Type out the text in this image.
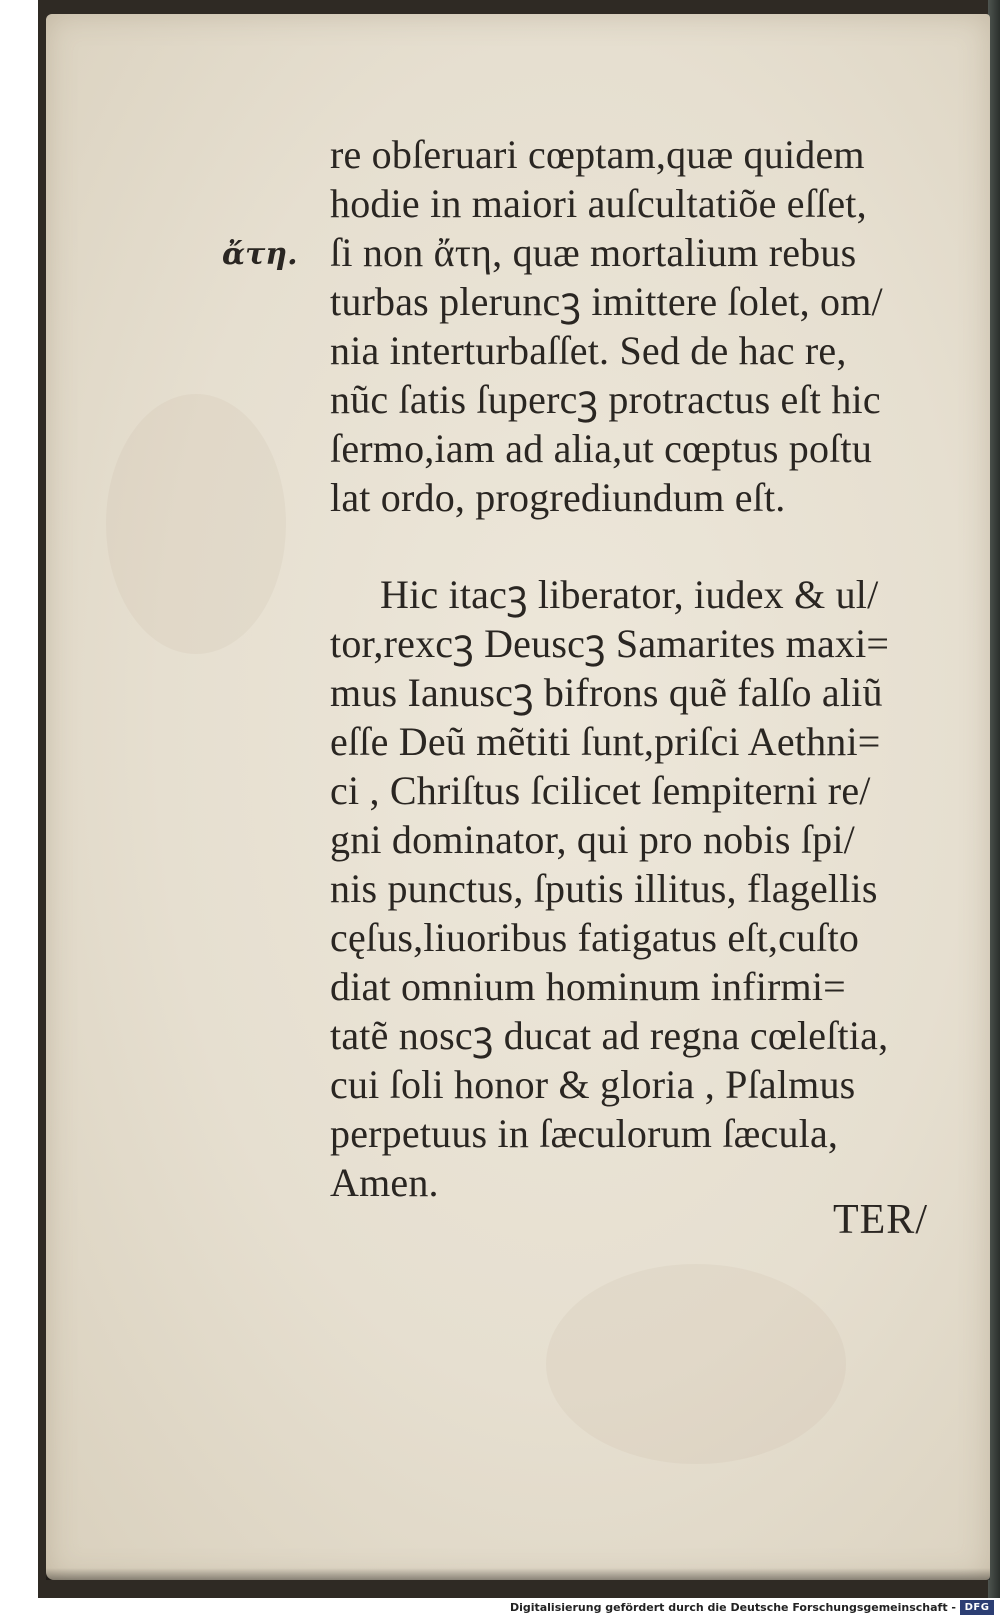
ἄτη.
re obſeruari cœptam,quæ quidem
hodie in maiori auſcultatiõe eſſet,
ſi non ἄτη, quæ mortalium rebus
turbas pleruncꝫ imittere ſolet, om/
nia interturbaſſet. Sed de hac re,
nũc ſatis ſupercꝫ protractus eſt hic
ſermo,iam ad alia,ut cœptus poſtu
lat ordo, progrediundum eſt.
Hic itacꝫ liberator, iudex & ul/
tor,rexcꝫ Deuscꝫ Samarites maxi=
mus Ianuscꝫ bifrons quẽ falſo aliũ
eſſe Deũ mẽtiti ſunt,priſci Aethni=
ci , Chriſtus ſcilicet ſempiterni re/
gni dominator, qui pro nobis ſpi/
nis punctus, ſputis illitus, flagellis
cęſus,liuoribus fatigatus eſt,cuſto
diat omnium hominum infirmi=
tatẽ noscꝫ ducat ad regna cœleſtia,
cui ſoli honor & gloria , Pſalmus
perpetuus in ſæculorum ſæcula,
Amen.
TER/
Digitalisierung gefördert durch die Deutsche Forschungsgemeinschaft - DFG
